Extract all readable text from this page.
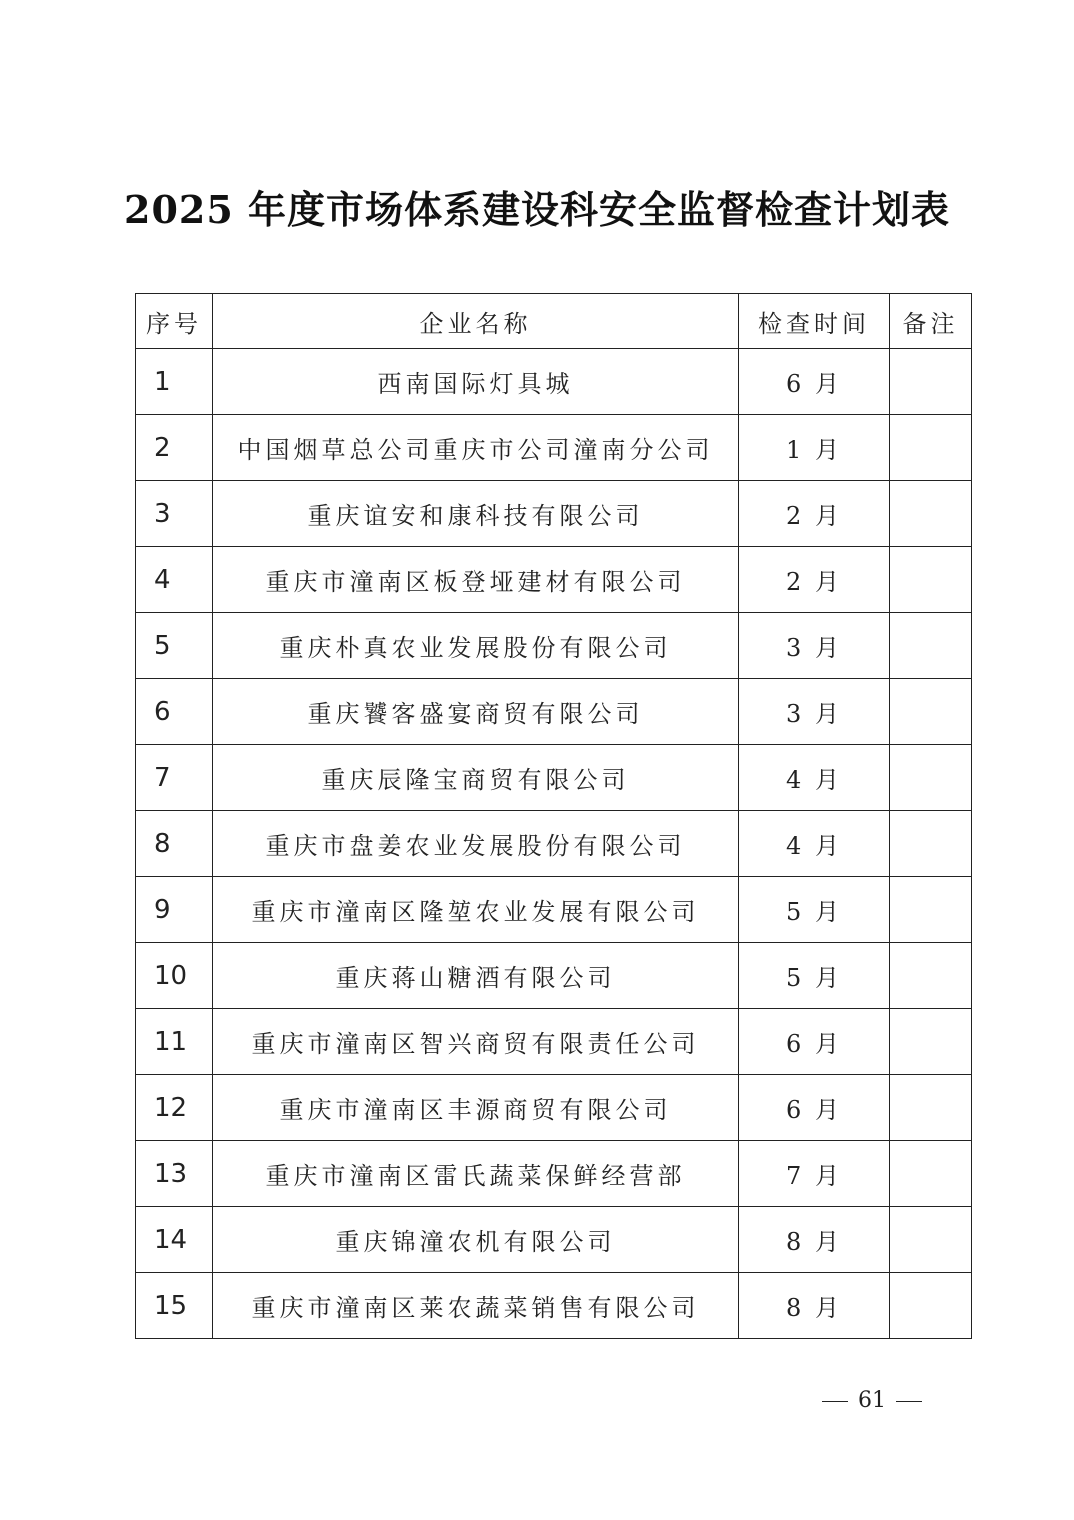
2025 年度市场体系建设科安全监督检查计划表
序号	企业名称	检查时间	备注
1	西南国际灯具城	6 月	
2	中国烟草总公司重庆市公司潼南分公司	1 月	
3	重庆谊安和康科技有限公司	2 月	
4	重庆市潼南区板登垭建材有限公司	2 月	
5	重庆朴真农业发展股份有限公司	3 月	
6	重庆饕客盛宴商贸有限公司	3 月	
7	重庆辰隆宝商贸有限公司	4 月	
8	重庆市盘姜农业发展股份有限公司	4 月	
9	重庆市潼南区隆堃农业发展有限公司	5 月	
10	重庆蒋山糖酒有限公司	5 月	
11	重庆市潼南区智兴商贸有限责任公司	6 月	
12	重庆市潼南区丰源商贸有限公司	6 月	
13	重庆市潼南区雷氏蔬菜保鲜经营部	7 月	
14	重庆锦潼农机有限公司	8 月	
15	重庆市潼南区莱农蔬菜销售有限公司	8 月	
61
